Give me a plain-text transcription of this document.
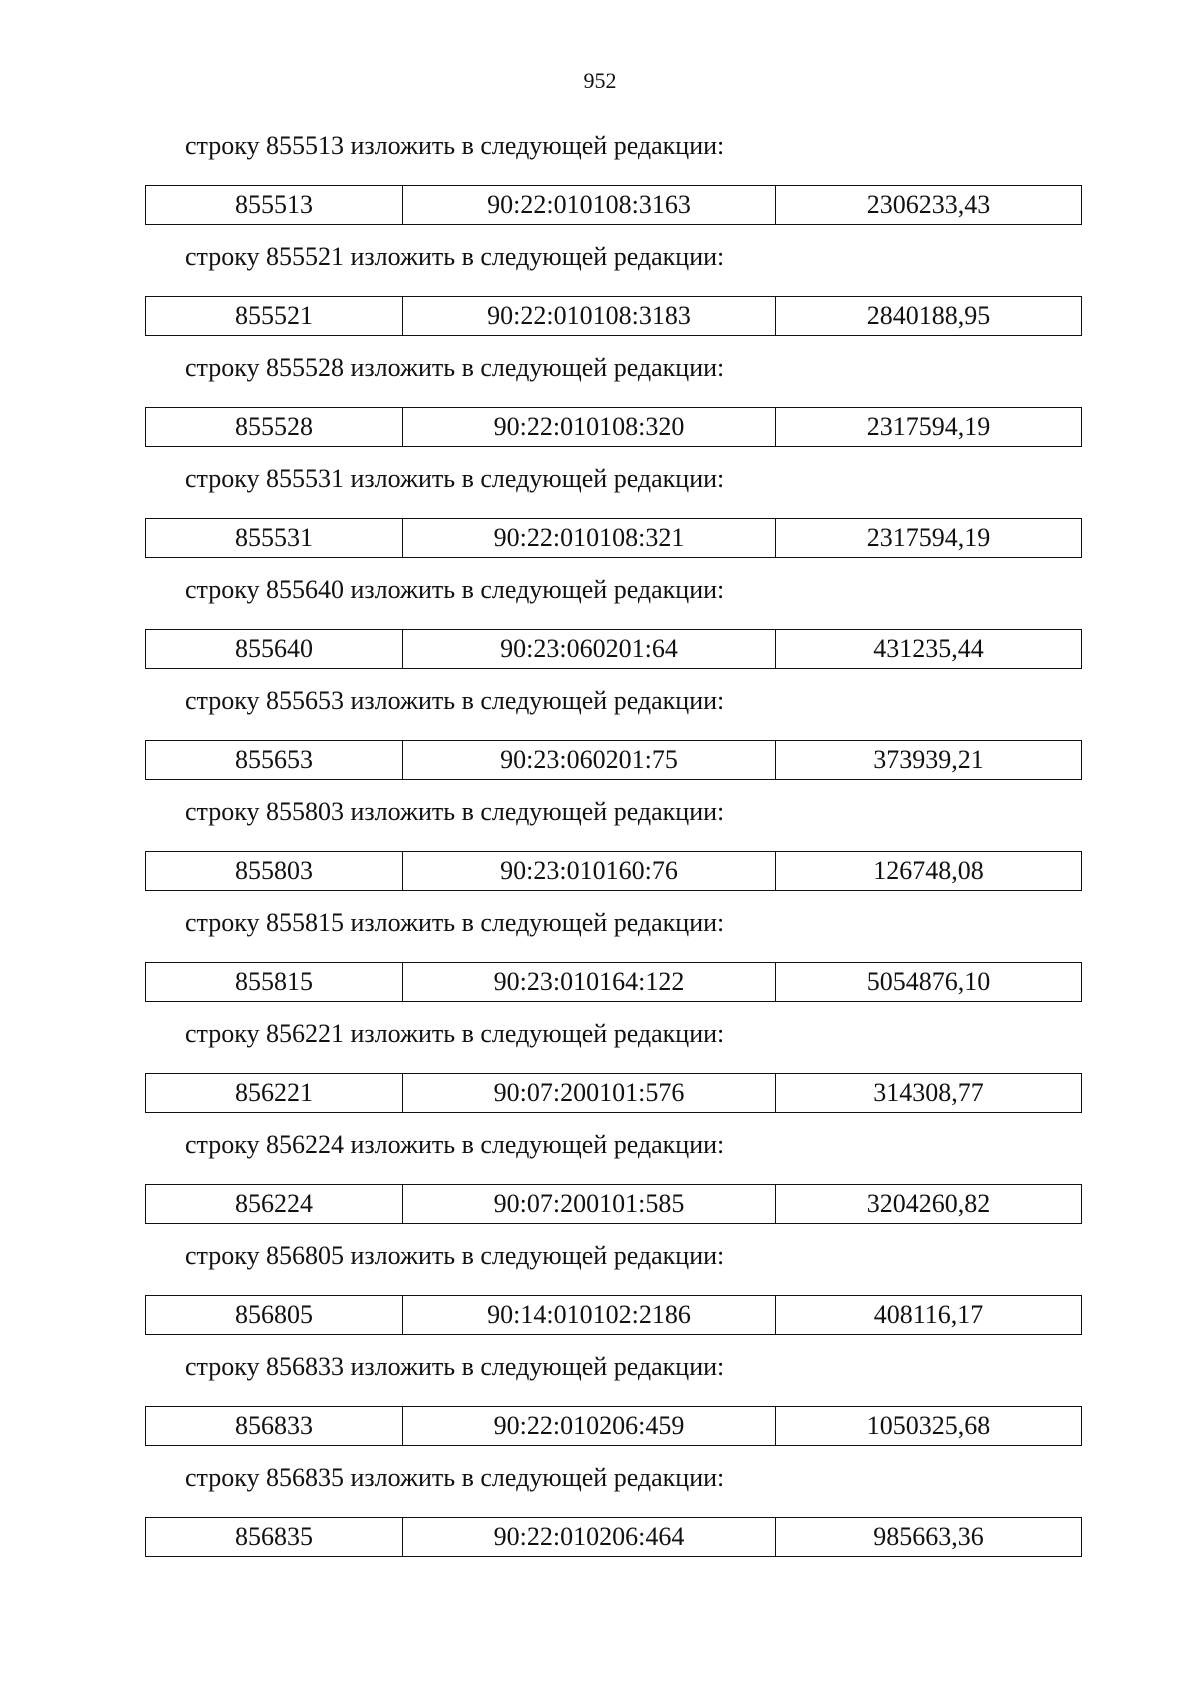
952
строку 855513 изложить в следующей редакции:
855513	90:22:010108:3163	2306233,43
строку 855521 изложить в следующей редакции:
855521	90:22:010108:3183	2840188,95
строку 855528 изложить в следующей редакции:
855528	90:22:010108:320	2317594,19
строку 855531 изложить в следующей редакции:
855531	90:22:010108:321	2317594,19
строку 855640 изложить в следующей редакции:
855640	90:23:060201:64	431235,44
строку 855653 изложить в следующей редакции:
855653	90:23:060201:75	373939,21
строку 855803 изложить в следующей редакции:
855803	90:23:010160:76	126748,08
строку 855815 изложить в следующей редакции:
855815	90:23:010164:122	5054876,10
строку 856221 изложить в следующей редакции:
856221	90:07:200101:576	314308,77
строку 856224 изложить в следующей редакции:
856224	90:07:200101:585	3204260,82
строку 856805 изложить в следующей редакции:
856805	90:14:010102:2186	408116,17
строку 856833 изложить в следующей редакции:
856833	90:22:010206:459	1050325,68
строку 856835 изложить в следующей редакции:
856835	90:22:010206:464	985663,36
